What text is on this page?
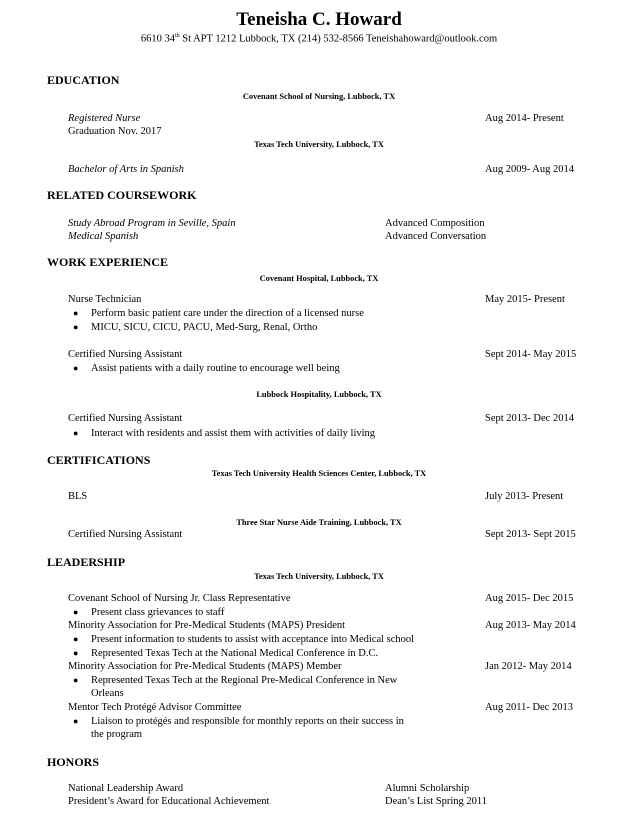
Teneisha C. Howard
6610 34th St APT 1212 Lubbock, TX (214) 532-8566 Teneishahoward@outlook.com
EDUCATION
Covenant School of Nursing, Lubbock, TX
Registered Nurse	Aug 2014- Present
Graduation Nov. 2017
Texas Tech University, Lubbock, TX
Bachelor of Arts in Spanish	Aug 2009- Aug 2014
RELATED COURSEWORK
Study Abroad Program in Seville, Spain	Advanced Composition
Medical Spanish	Advanced Conversation
WORK EXPERIENCE
Covenant Hospital, Lubbock, TX
Nurse Technician	May 2015- Present
● Perform basic patient care under the direction of a licensed nurse
● MICU, SICU, CICU, PACU, Med-Surg, Renal, Ortho
Certified Nursing Assistant	Sept 2014- May 2015
● Assist patients with a daily routine to encourage well being
Lubbock Hospitality, Lubbock, TX
Certified Nursing Assistant	Sept 2013- Dec 2014
● Interact with residents and assist them with activities of daily living
CERTIFICATIONS
Texas Tech University Health Sciences Center, Lubbock, TX
BLS	July 2013- Present
Three Star Nurse Aide Training, Lubbock, TX
Certified Nursing Assistant	Sept 2013- Sept 2015
LEADERSHIP
Texas Tech University, Lubbock, TX
Covenant School of Nursing Jr. Class Representative	Aug 2015- Dec 2015
● Present class grievances to staff
Minority Association for Pre-Medical Students (MAPS) President	Aug 2013- May 2014
● Present information to students to assist with acceptance into Medical school
● Represented Texas Tech at the National Medical Conference in D.C.
Minority Association for Pre-Medical Students (MAPS) Member	Jan 2012- May 2014
● Represented Texas Tech at the Regional Pre-Medical Conference in New
Orleans
Mentor Tech Protégé Advisor Committee	Aug 2011- Dec 2013
● Liaison to protégés and responsible for monthly reports on their success in
the program
HONORS
National Leadership Award	Alumni Scholarship
President’s Award for Educational Achievement	Dean’s List Spring 2011
